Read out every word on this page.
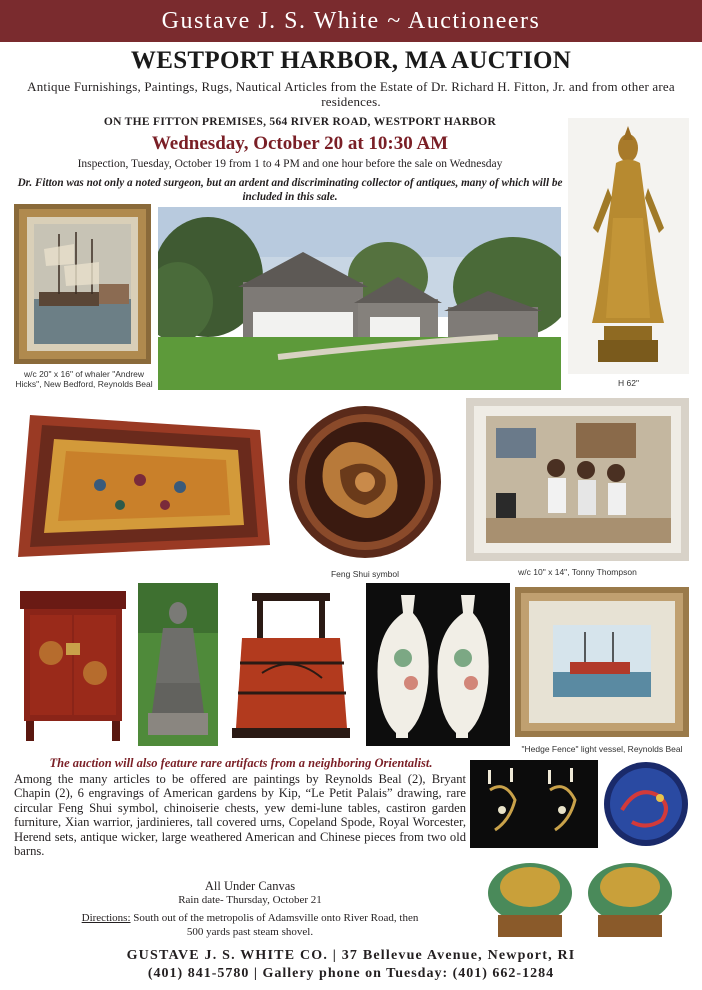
Gustave J. S. White ~ Auctioneers
WESTPORT HARBOR, MA AUCTION
Antique Furnishings, Paintings, Rugs, Nautical Articles from the Estate of Dr. Richard H. Fitton, Jr. and from other area residences.
ON THE FITTON PREMISES, 564 RIVER ROAD, WESTPORT HARBOR
Wednesday, October 20 at 10:30 AM
Inspection, Tuesday, October 19 from 1 to 4 PM and one hour before the sale on Wednesday
Dr. Fitton was not only a noted surgeon, but an ardent and discriminating collector of antiques, many of which will be included in this sale.
w/c 20" x 16" of whaler "Andrew Hicks", New Bedford, Reynolds Beal	H 62"
Feng Shui symbol	w/c 10" x 14", Tonny Thompson
"Hedge Fence" light vessel, Reynolds Beal
The auction will also feature rare artifacts from a neighboring Orientalist.
Among the many articles to be offered are paintings by Reynolds Beal (2), Bryant Chapin (2), 6 engravings of American gardens by Kip, “Le Petit Palais” drawing, rare circular Feng Shui symbol, chinoiserie chests, yew demi-lune tables, castiron garden furniture, Xian warrior, jardinieres, tall covered urns, Copeland Spode, Royal Worcester, Herend sets, antique wicker, large weathered American and Chinese pieces from two old barns.
All Under Canvas
Rain date- Thursday, October 21
Directions: South out of the metropolis of Adamsville onto River Road, then 500 yards past steam shovel.
GUSTAVE J. S. WHITE CO. | 37 Bellevue Avenue, Newport, RI
(401) 841-5780 | Gallery phone on Tuesday: (401) 662-1284
